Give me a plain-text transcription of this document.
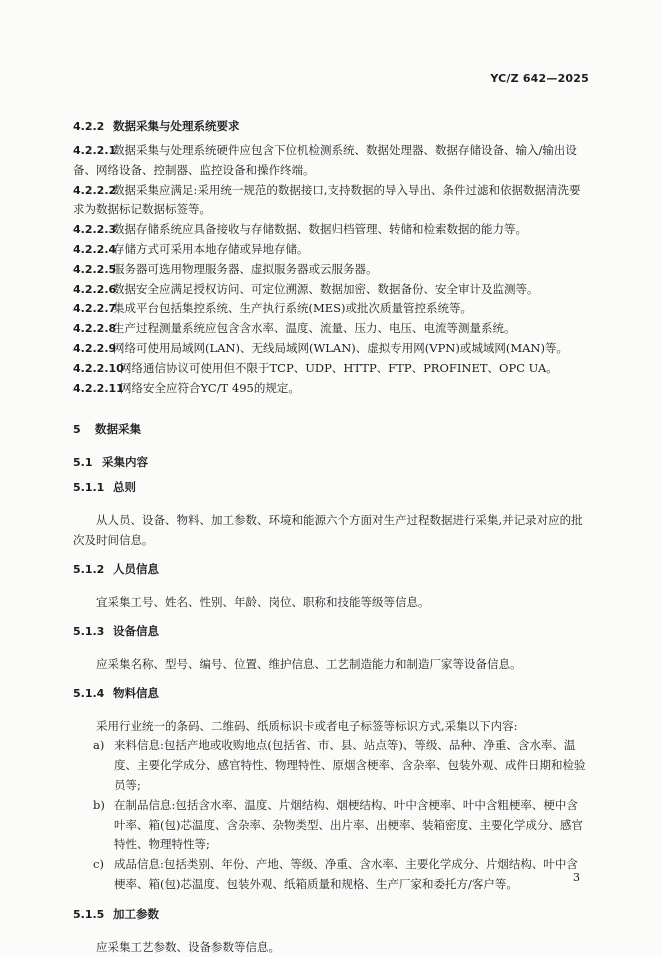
YC/Z 642—2025
4.2.2 数据采集与处理系统要求
4.2.2.1数据采集与处理系统硬件应包含下位机检测系统、数据处理器、数据存储设备、输入/输出设备、网络设备、控制器、监控设备和操作终端。
4.2.2.2数据采集应满足:采用统一规范的数据接口,支持数据的导入导出、条件过滤和依据数据清洗要求为数据标记数据标签等。
4.2.2.3数据存储系统应具备接收与存储数据、数据归档管理、转储和检索数据的能力等。
4.2.2.4存储方式可采用本地存储或异地存储。
4.2.2.5服务器可选用物理服务器、虚拟服务器或云服务器。
4.2.2.6数据安全应满足授权访问、可定位溯源、数据加密、数据备份、安全审计及监测等。
4.2.2.7集成平台包括集控系统、生产执行系统(MES)或批次质量管控系统等。
4.2.2.8生产过程测量系统应包含含水率、温度、流量、压力、电压、电流等测量系统。
4.2.2.9网络可使用局域网(LAN)、无线局域网(WLAN)、虚拟专用网(VPN)或城域网(MAN)等。
4.2.2.10网络通信协议可使用但不限于TCP、UDP、HTTP、FTP、PROFINET、OPC UA。
4.2.2.11网络安全应符合YC/T 495的规定。
5 数据采集
5.1 采集内容
5.1.1 总则
从人员、设备、物料、加工参数、环境和能源六个方面对生产过程数据进行采集,并记录对应的批次及时间信息。
5.1.2 人员信息
宜采集工号、姓名、性别、年龄、岗位、职称和技能等级等信息。
5.1.3 设备信息
应采集名称、型号、编号、位置、维护信息、工艺制造能力和制造厂家等设备信息。
5.1.4 物料信息
采用行业统一的条码、二维码、纸质标识卡或者电子标签等标识方式,采集以下内容:
a) 来料信息:包括产地或收购地点(包括省、市、县、站点等)、等级、品种、净重、含水率、温度、主要化学成分、感官特性、物理特性、原烟含梗率、含杂率、包装外观、成件日期和检验员等;
b) 在制品信息:包括含水率、温度、片烟结构、烟梗结构、叶中含梗率、叶中含粗梗率、梗中含叶率、箱(包)芯温度、含杂率、杂物类型、出片率、出梗率、装箱密度、主要化学成分、感官特性、物理特性等;
c) 成品信息:包括类别、年份、产地、等级、净重、含水率、主要化学成分、片烟结构、叶中含梗率、箱(包)芯温度、包装外观、纸箱质量和规格、生产厂家和委托方/客户等。
5.1.5 加工参数
应采集工艺参数、设备参数等信息。
3
